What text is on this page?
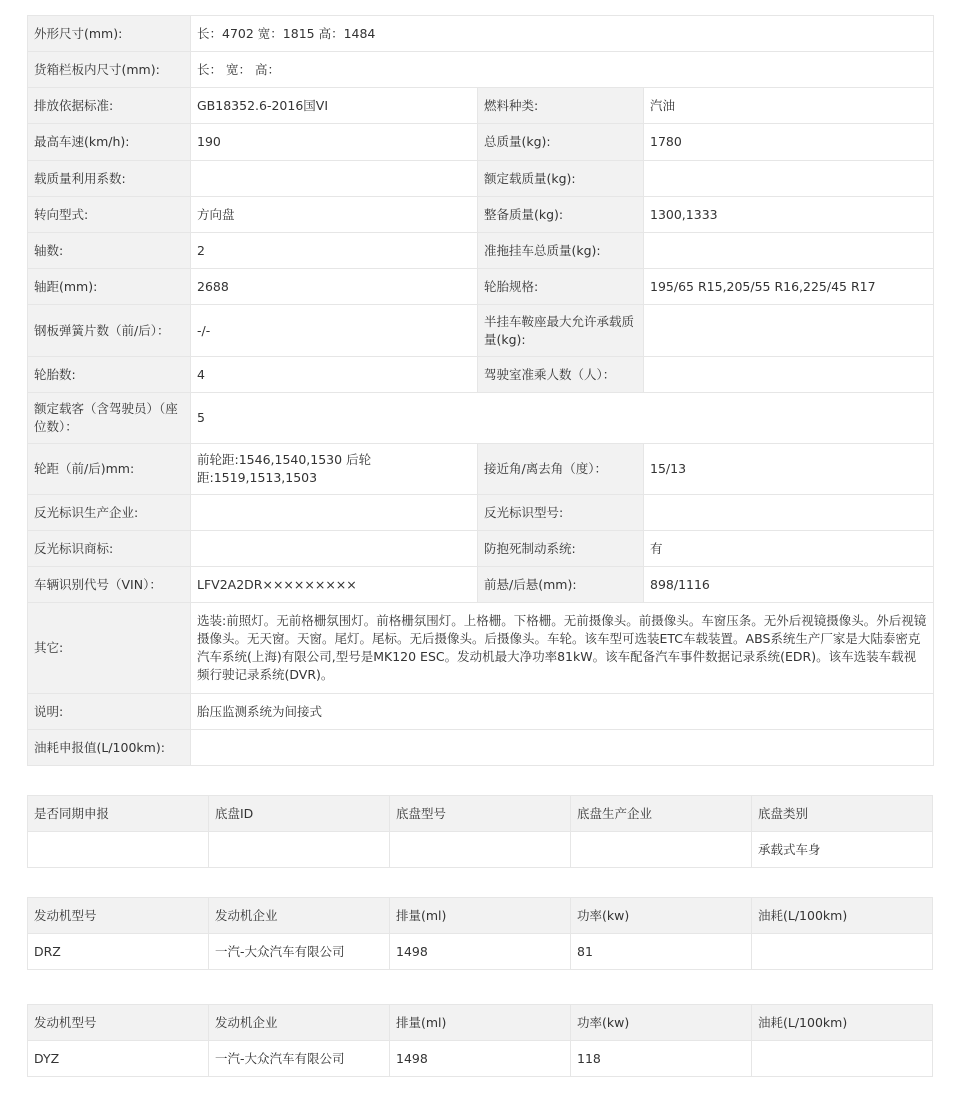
外形尺寸(mm):	长：4702 宽：1815 高：1484		
货箱栏板内尺寸(mm):	长： 宽： 高：		
排放依据标准:	GB18352.6-2016国VI	燃料种类:	汽油
最高车速(km/h):	190	总质量(kg):	1780
载质量利用系数:		额定载质量(kg):	
转向型式:	方向盘	整备质量(kg):	1300,1333
轴数:	2	准拖挂车总质量(kg):	
轴距(mm):	2688	轮胎规格:	195/65 R15,205/55 R16,225/45 R17
钢板弹簧片数（前/后）：	-/-	半挂车鞍座最大允许承载质量(kg):	
轮胎数:	4	驾驶室准乘人数（人）：	
额定载客（含驾驶员）（座位数）：	5		
轮距（前/后)mm:	前轮距:1546,1540,1530 后轮距:1519,1513,1503	接近角/离去角（度）：	15/13
反光标识生产企业:		反光标识型号:	
反光标识商标:		防抱死制动系统:	有
车辆识别代号（VIN）：	LFV2A2DR×××××××××	前悬/后悬(mm):	898/1116
其它:	选装:前照灯。无前格栅氛围灯。前格栅氛围灯。上格栅。下格栅。无前摄像头。前摄像头。车窗压条。无外后视镜摄像头。外后视镜摄像头。无天窗。天窗。尾灯。尾标。无后摄像头。后摄像头。车轮。该车型可选装ETC车载装置。ABS系统生产厂家是大陆泰密克汽车系统(上海)有限公司,型号是MK120 ESC。发动机最大净功率81kW。该车配备汽车事件数据记录系统(EDR)。该车选装车载视频行驶记录系统(DVR)。		
说明:	胎压监测系统为间接式		
油耗申报值(L/100km):			
是否同期申报	底盘ID	底盘型号	底盘生产企业	底盘类别
				承载式车身
发动机型号	发动机企业	排量(ml)	功率(kw)	油耗(L/100km)
DRZ	一汽-大众汽车有限公司	1498	81	
发动机型号	发动机企业	排量(ml)	功率(kw)	油耗(L/100km)
DYZ	一汽-大众汽车有限公司	1498	118	
